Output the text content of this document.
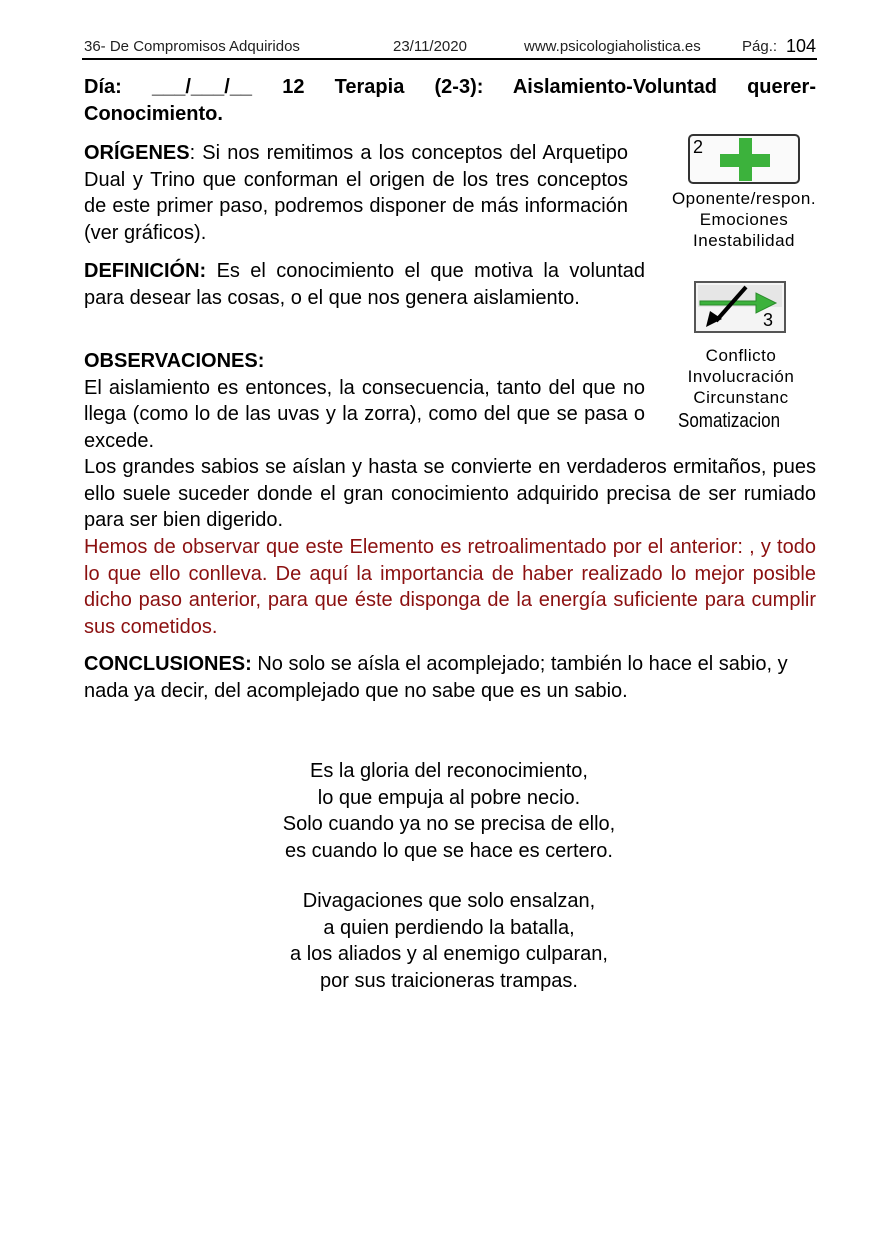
36- De Compromisos Adquiridos	23/11/2020	www.psicologiaholistica.es	Pág.: 104
Día: ___/___/__ 12 Terapia (2-3): Aislamiento-Voluntad querer-
Conocimiento.
ORÍGENES: Si nos remitimos a los conceptos del Arquetipo Dual y Trino que conforman el origen de los tres conceptos de este primer paso, podremos disponer de más información (ver gráficos).
DEFINICIÓN: Es el conocimiento el que motiva la voluntad para desear las cosas, o el que nos genera aislamiento.
OBSERVACIONES:
El aislamiento es entonces, la consecuencia, tanto del que no llega (como lo de las uvas y la zorra), como del que se pasa o excede.
Los grandes sabios se aíslan y hasta se convierte en verdaderos ermitaños, pues ello suele suceder donde el gran conocimiento adquirido precisa de ser rumiado para ser bien digerido.
Hemos de observar que este Elemento es retroalimentado por el anterior: , y todo lo que ello conlleva. De aquí la importancia de haber realizado lo mejor posible dicho paso anterior, para que éste disponga de la energía suficiente para cumplir sus cometidos.
CONCLUSIONES: No solo se aísla el acomplejado; también lo hace el sabio, y nada ya decir, del acomplejado que no sabe que es un sabio.
Es la gloria del reconocimiento,
lo que empuja al pobre necio.
Solo cuando ya no se precisa de ello,
es cuando lo que se hace es certero.
Divagaciones que solo ensalzan,
a quien perdiendo la batalla,
a los aliados y al enemigo culparan,
por sus traicioneras trampas.
2
Oponente/respon.
Emociones
Inestabilidad
3
Conflicto
Involucración
Circunstanc
Somatizacion
